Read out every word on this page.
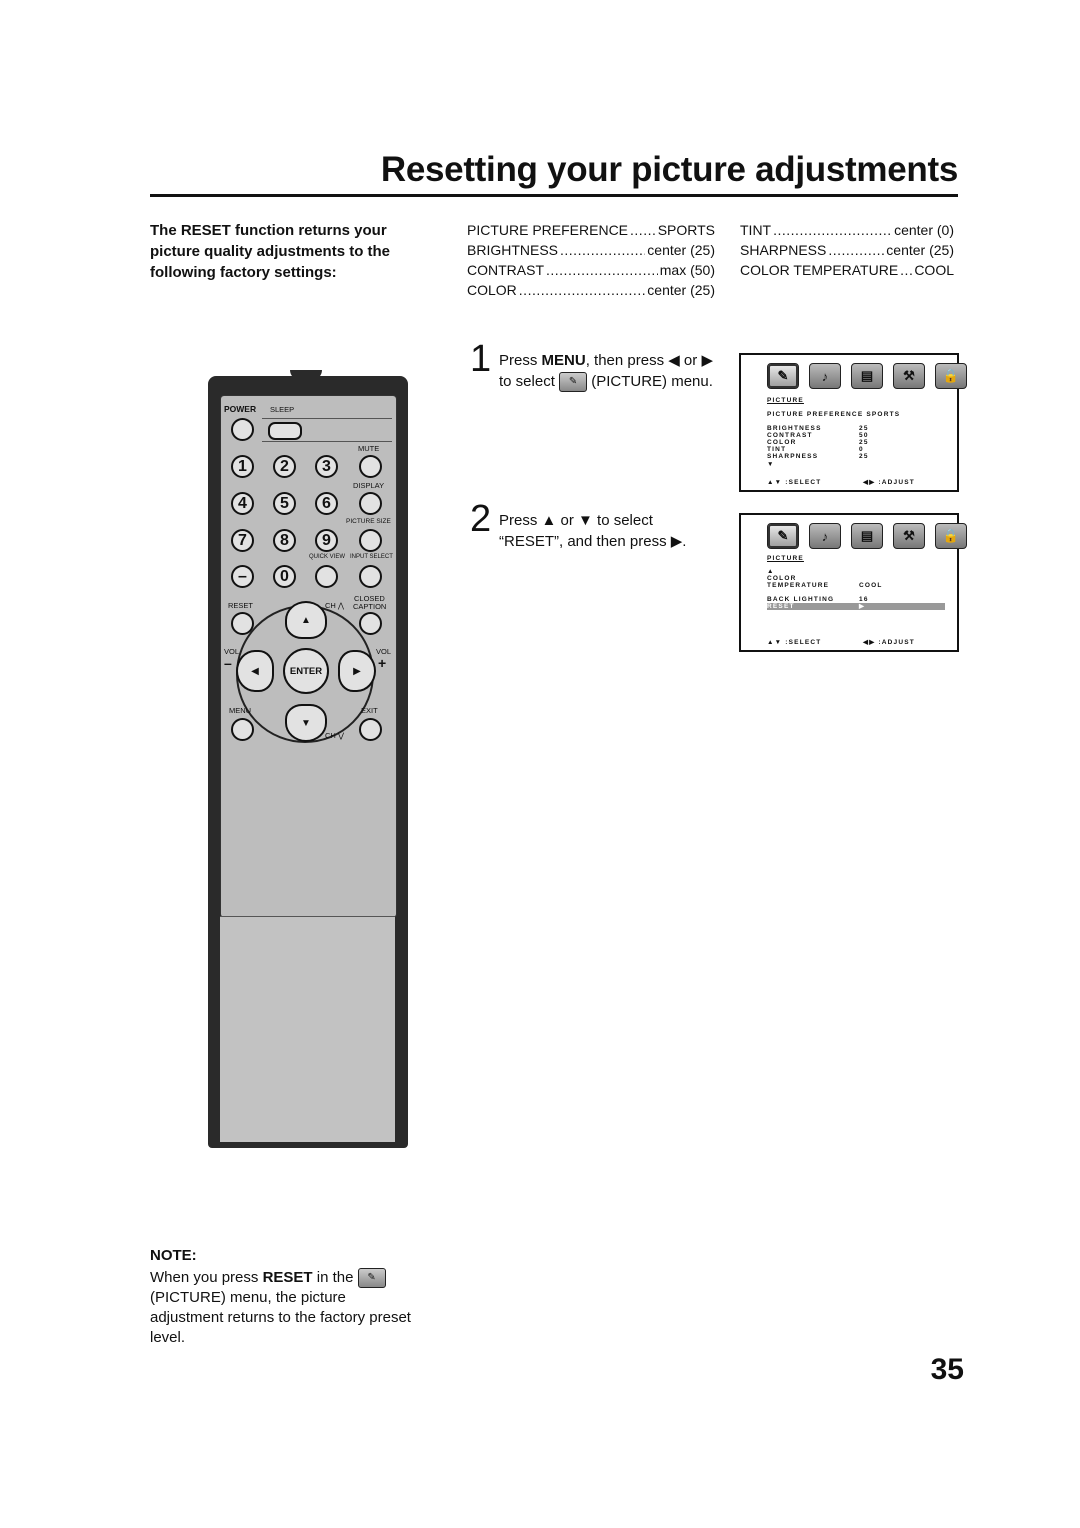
Resetting your picture adjustments
The RESET function returns your picture quality adjustments to the following factory settings:
PICTURE PREFERENCE ..... SPORTS
BRIGHTNESS .....	center (25)
CONTRAST .....	max (50)
COLOR .....	center (25)
TINT .....	center (0)
SHARPNESS .....	center (25)
COLOR TEMPERATURE ..... COOL
1 Press MENU, then press ◀ or ▶
to select ✎ (PICTURE) menu.	✎	♪	▤	⚒	🔒
PICTURE
PICTURE PREFERENCE SPORTS
BRIGHTNESS	25
CONTRAST	50
COLOR	25
TINT	0
SHARPNESS	25
▼
▲▼ :SELECT	◀▶ :ADJUST
2 Press ▲ or ▼ to select
“RESET”, and then press ▶.	✎	♪	▤	⚒	🔒
PICTURE
▲
COLOR
TEMPERATURE	COOL
BACK LIGHTING	16
RESET	▶
▲▼ :SELECT	◀▶ :ADJUST
POWER SLEEP
MUTE
1	2	3
DISPLAY
4	5	6
PICTURE SIZE
7	8	9
QUICK VIEW INPUT SELECT
–	0
RESET	CH ⋀
CLOSED
CAPTION
▲
▼
◀	▶
ENTER
VOL	VOL
–	+
MENU	EXIT
CH ⋁
NOTE:
When you press RESET in the ✎ (PICTURE) menu, the picture adjustment returns to the factory preset level.
35
